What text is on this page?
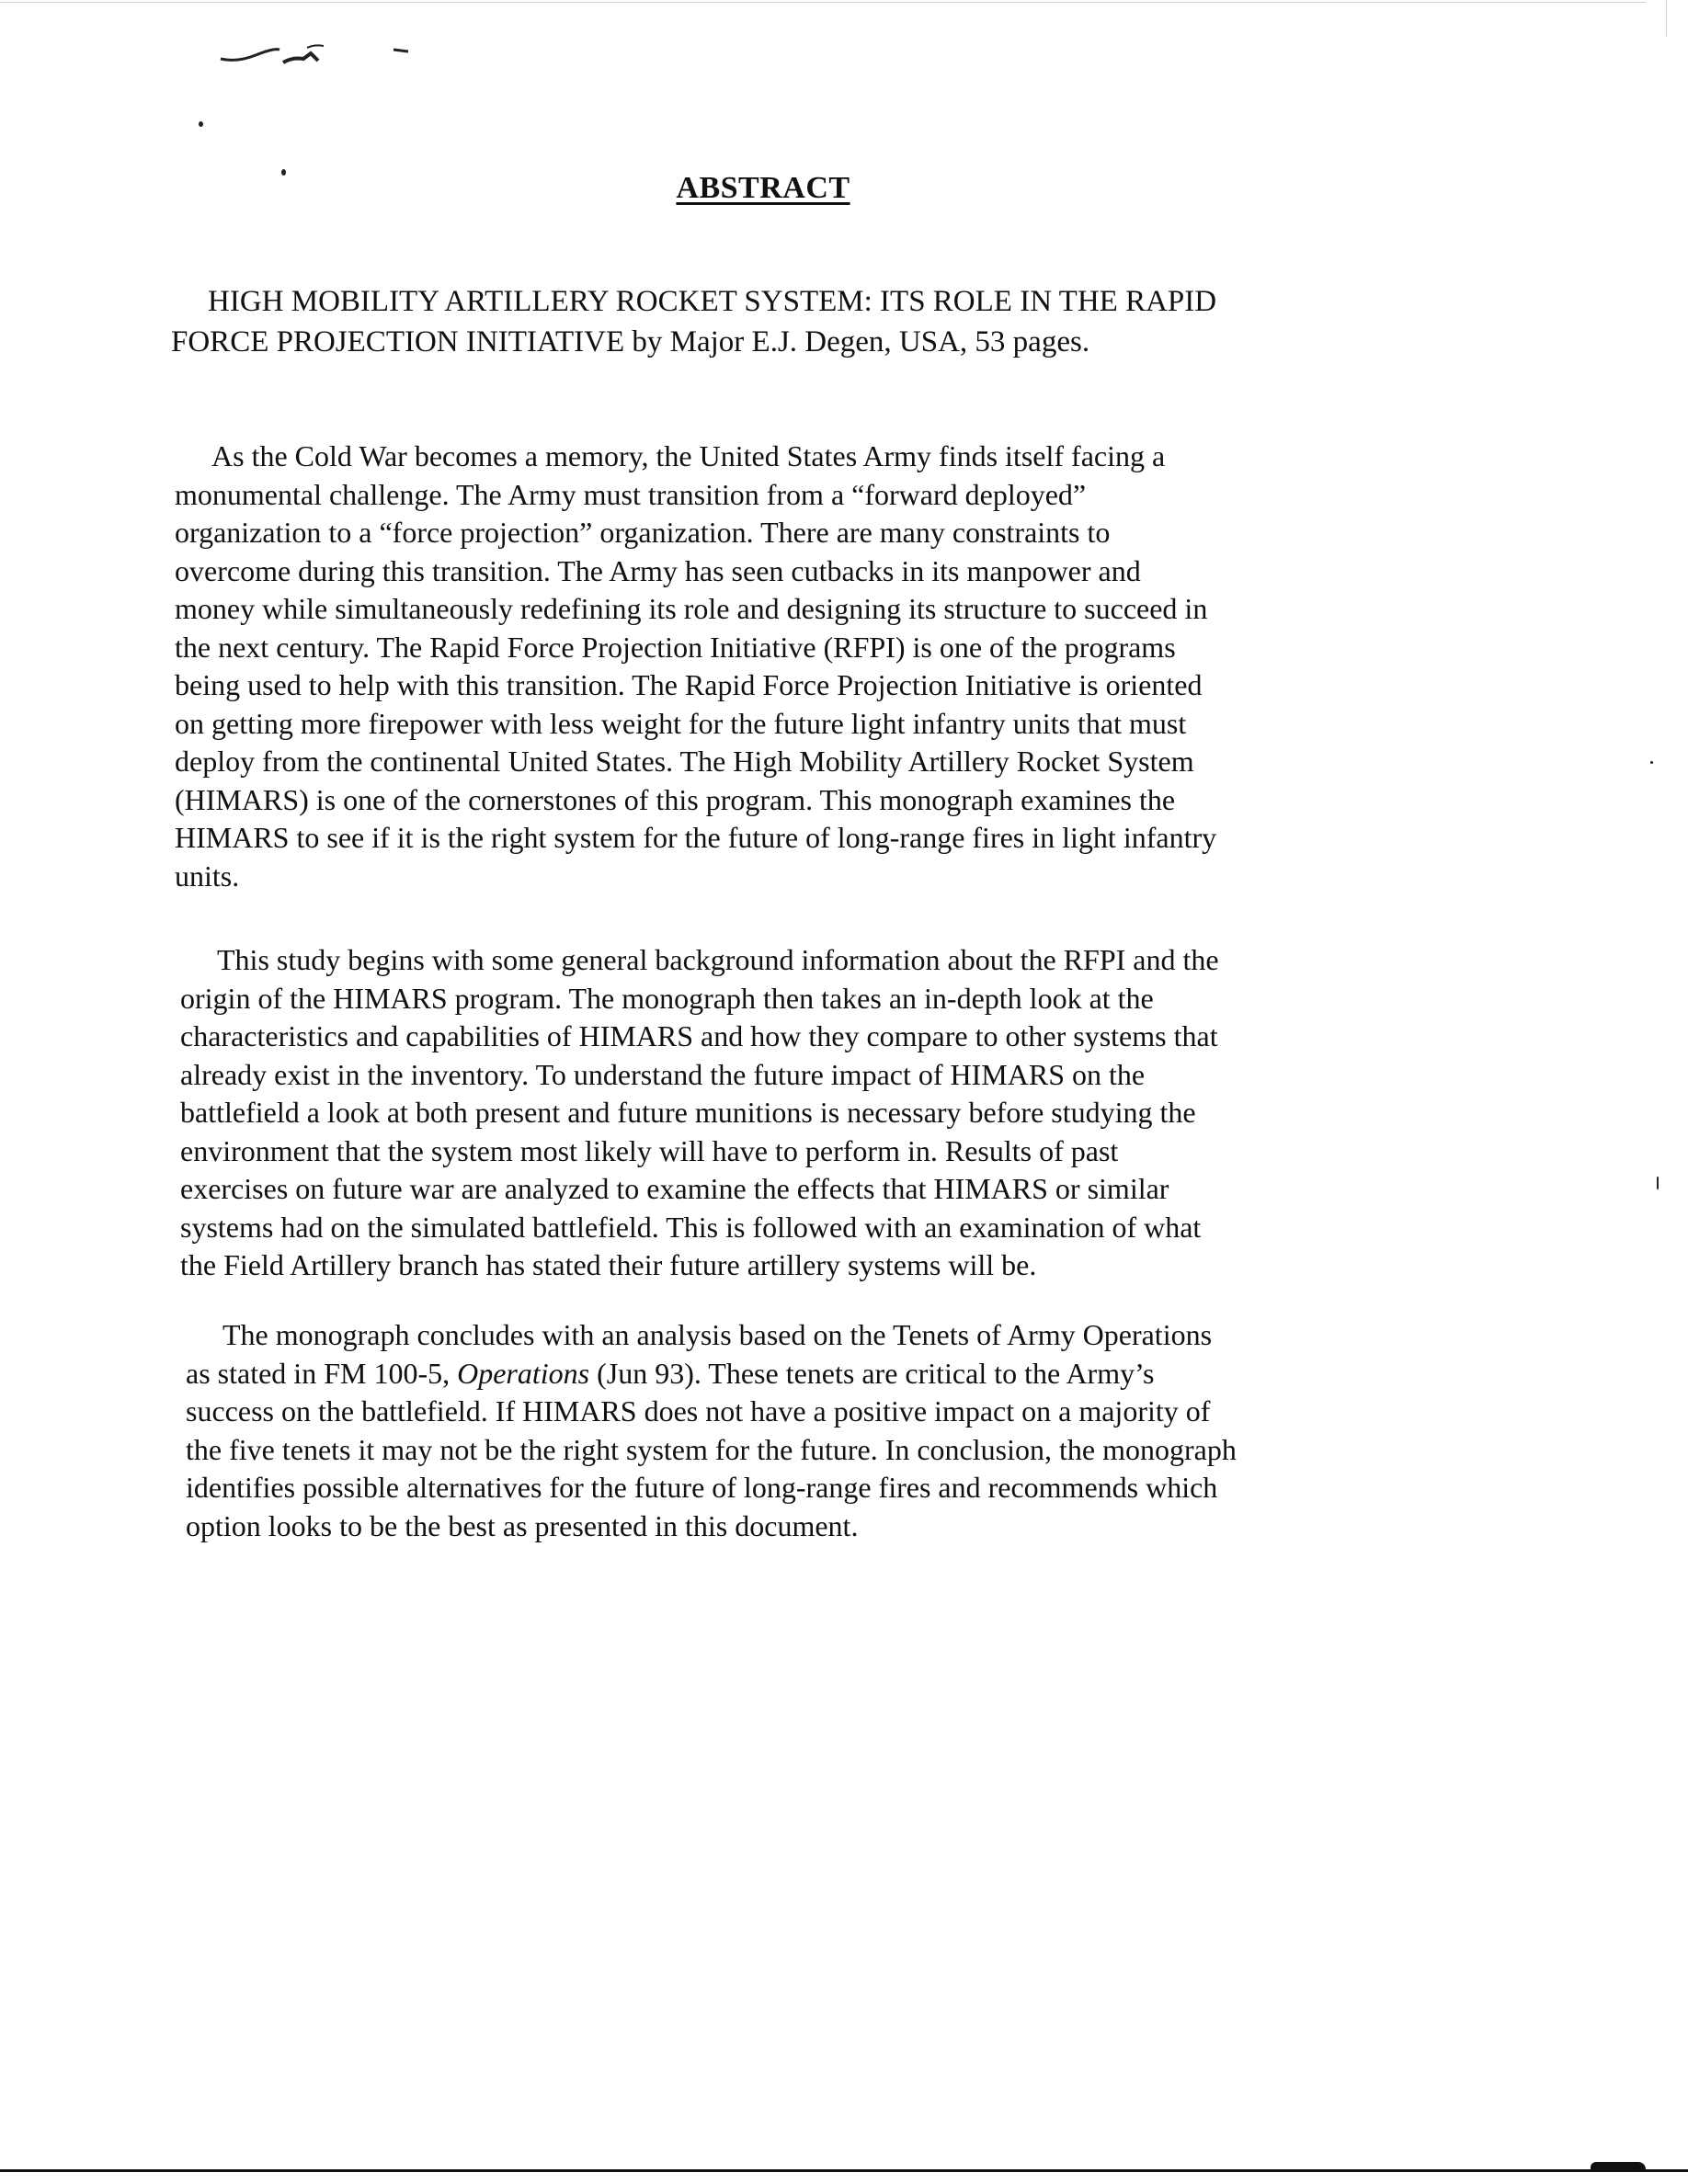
ABSTRACT
HIGH MOBILITY ARTILLERY ROCKET SYSTEM: ITS ROLE IN THE RAPID
FORCE PROJECTION INITIATIVE by Major E.J. Degen, USA, 53 pages.
As the Cold War becomes a memory, the United States Army finds itself facing a
monumental challenge. The Army must transition from a “forward deployed”
organization to a “force projection” organization. There are many constraints to
overcome during this transition. The Army has seen cutbacks in its manpower and
money while simultaneously redefining its role and designing its structure to succeed in
the next century. The Rapid Force Projection Initiative (RFPI) is one of the programs
being used to help with this transition. The Rapid Force Projection Initiative is oriented
on getting more firepower with less weight for the future light infantry units that must
deploy from the continental United States. The High Mobility Artillery Rocket System
(HIMARS) is one of the cornerstones of this program. This monograph examines the
HIMARS to see if it is the right system for the future of long-range fires in light infantry
units.
This study begins with some general background information about the RFPI and the
origin of the HIMARS program. The monograph then takes an in-depth look at the
characteristics and capabilities of HIMARS and how they compare to other systems that
already exist in the inventory. To understand the future impact of HIMARS on the
battlefield a look at both present and future munitions is necessary before studying the
environment that the system most likely will have to perform in. Results of past
exercises on future war are analyzed to examine the effects that HIMARS or similar
systems had on the simulated battlefield. This is followed with an examination of what
the Field Artillery branch has stated their future artillery systems will be.
The monograph concludes with an analysis based on the Tenets of Army Operations
as stated in FM 100-5, Operations (Jun 93). These tenets are critical to the Army’s
success on the battlefield. If HIMARS does not have a positive impact on a majority of
the five tenets it may not be the right system for the future. In conclusion, the monograph
identifies possible alternatives for the future of long-range fires and recommends which
option looks to be the best as presented in this document.
